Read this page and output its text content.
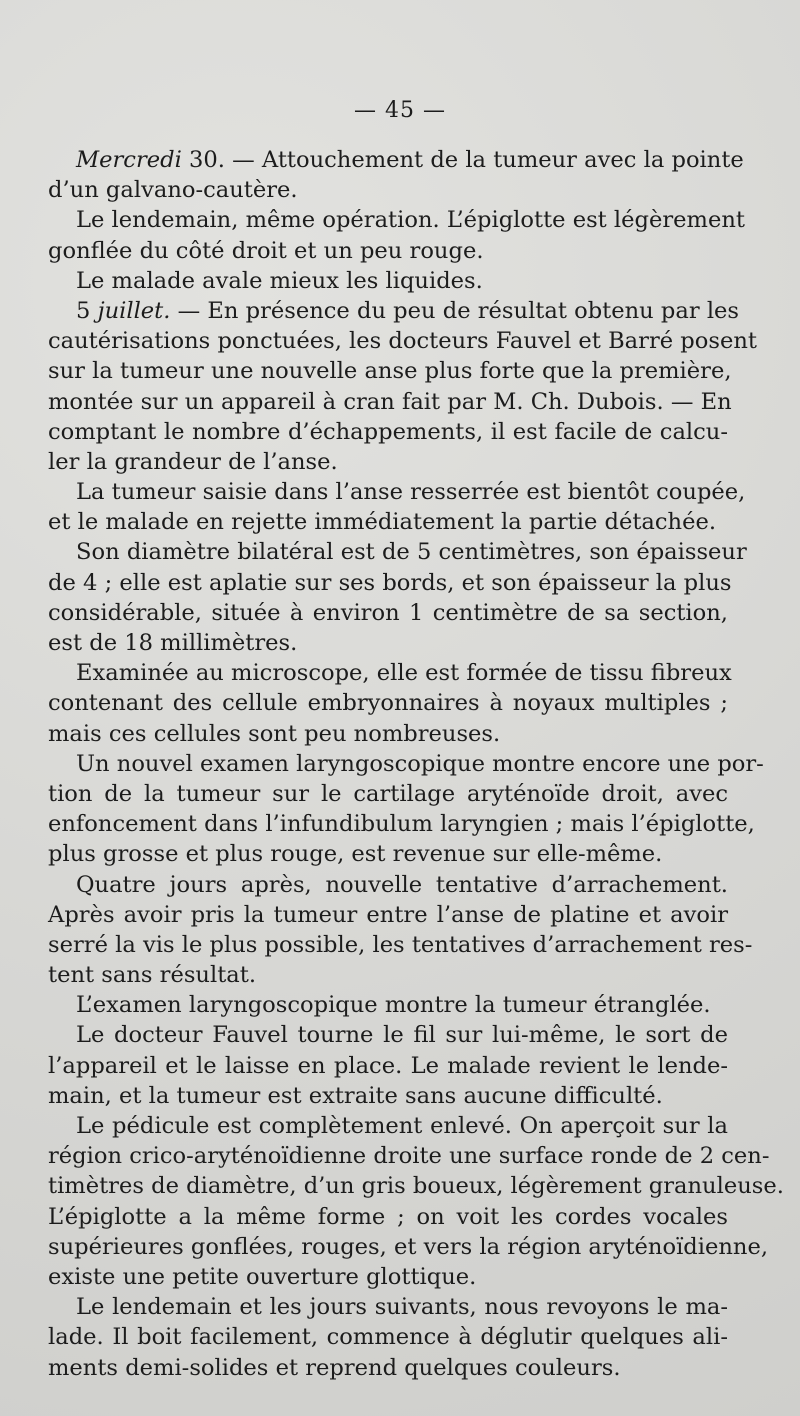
— 45 —
Mercredi 30. — Attouchement de la tumeur avec la pointe
d’un galvano-cautère.
Le lendemain, même opération. L’épiglotte est légèrement
gonflée du côté droit et un peu rouge.
Le malade avale mieux les liquides.
5 juillet. — En présence du peu de résultat obtenu par les
cautérisations ponctuées, les docteurs Fauvel et Barré posent
sur la tumeur une nouvelle anse plus forte que la première,
montée sur un appareil à cran fait par M. Ch. Dubois. — En
comptant le nombre d’échappements, il est facile de calcu-
ler la grandeur de l’anse.
La tumeur saisie dans l’anse resserrée est bientôt coupée,
et le malade en rejette immédiatement la partie détachée.
Son diamètre bilatéral est de 5 centimètres, son épaisseur
de 4 ; elle est aplatie sur ses bords, et son épaisseur la plus
considérable, située à environ 1 centimètre de sa section,
est de 18 millimètres.
Examinée au microscope, elle est formée de tissu fibreux
contenant des cellule embryonnaires à noyaux multiples ;
mais ces cellules sont peu nombreuses.
Un nouvel examen laryngoscopique montre encore une por-
tion de la tumeur sur le cartilage aryténoïde droit, avec
enfoncement dans l’infundibulum laryngien ; mais l’épiglotte,
plus grosse et plus rouge, est revenue sur elle-même.
Quatre jours après, nouvelle tentative d’arrachement.
Après avoir pris la tumeur entre l’anse de platine et avoir
serré la vis le plus possible, les tentatives d’arrachement res-
tent sans résultat.
L’examen laryngoscopique montre la tumeur étranglée.
Le docteur Fauvel tourne le fil sur lui-même, le sort de
l’appareil et le laisse en place. Le malade revient le lende-
main, et la tumeur est extraite sans aucune difficulté.
Le pédicule est complètement enlevé. On aperçoit sur la
région crico-aryténoïdienne droite une surface ronde de 2 cen-
timètres de diamètre, d’un gris boueux, légèrement granuleuse.
L’épiglotte a la même forme ; on voit les cordes vocales
supérieures gonflées, rouges, et vers la région aryténoïdienne,
existe une petite ouverture glottique.
Le lendemain et les jours suivants, nous revoyons le ma-
lade. Il boit facilement, commence à déglutir quelques ali-
ments demi-solides et reprend quelques couleurs.
